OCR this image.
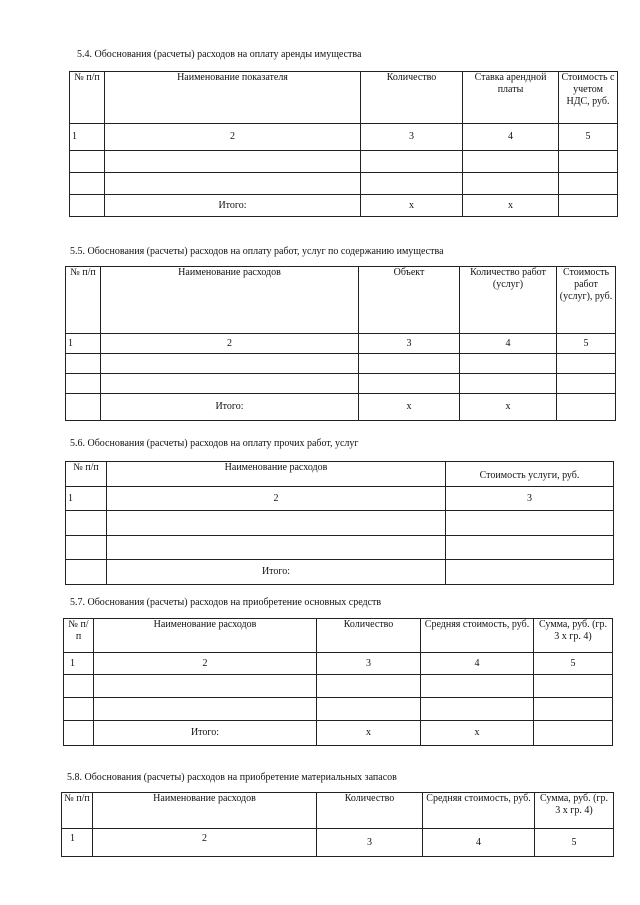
5.4. Обоснования (расчеты) расходов на оплату аренды имущества
№ п/п	Наименование показателя	Количество	Ставка арендной платы	Стоимость с учетом НДС, руб.
1	2	3	4	5

	Итого:	x	x	
5.5. Обоснования (расчеты) расходов на оплату работ, услуг по содержанию имущества
№ п/п	Наименование расходов	Объект	Количество работ (услуг)	Стоимость работ (услуг), руб.
1	2	3	4	5

	Итого:	x	x	
5.6. Обоснования (расчеты) расходов на оплату прочих работ, услуг
№ п/п	Наименование расходов	Стоимость услуги, руб.
1	2	3

	Итого:	
5.7. Обоснования (расчеты) расходов на приобретение основных средств
№ п/п	Наименование расходов	Количество	Средняя стоимость, руб.	Сумма, руб. (гр. 3 х гр. 4)
1	2	3	4	5

	Итого:	x	x	
5.8. Обоснования (расчеты) расходов на приобретение материальных запасов
№ п/п	Наименование расходов	Количество	Средняя стоимость, руб.	Сумма, руб. (гр. 3 х гр. 4)
1	2	3	4	5
